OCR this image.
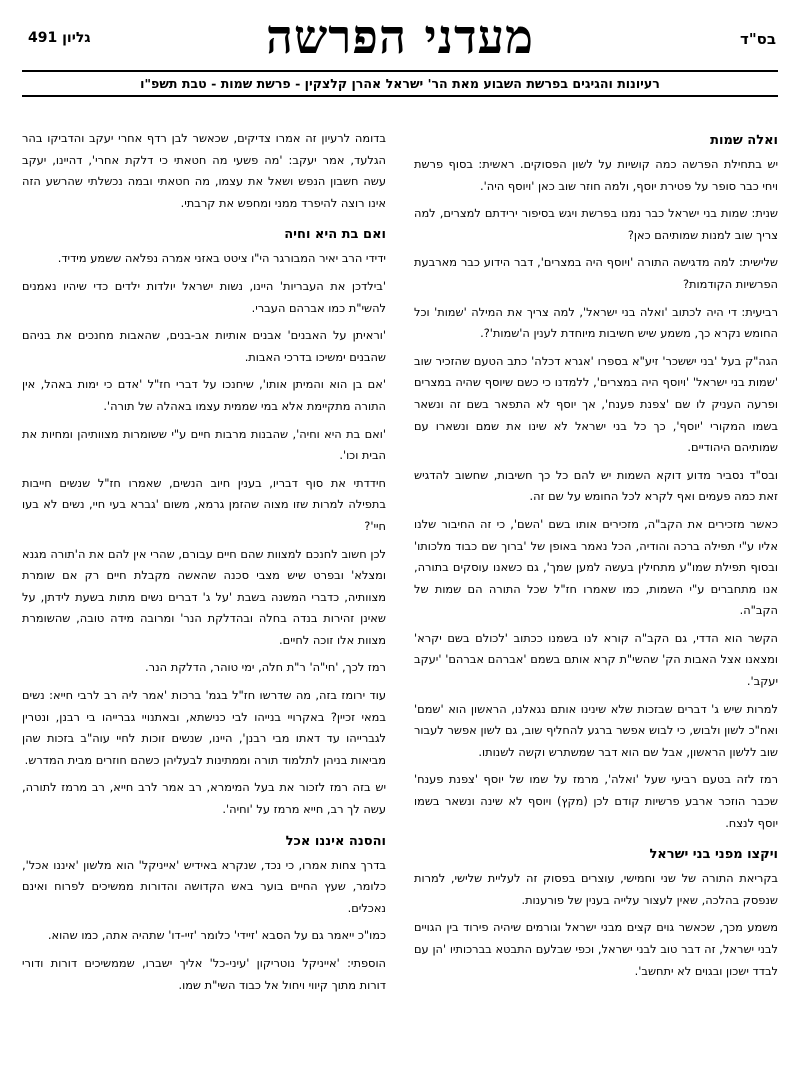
בס"ד
מעדני הפרשה
גליון 491
רעיונות והגיגים בפרשת השבוע מאת הר' ישראל אהרן קלצקין - פרשת שמות - טבת תשפ"ו
ואלה שמות

יש בתחילת הפרשה כמה קושיות על לשון הפסוקים. ראשית: בסוף פרשת ויחי כבר סופר על פטירת יוסף, ולמה חוזר שוב כאן 'ויוסף היה'.

שנית: שמות בני ישראל כבר נמנו בפרשת ויגש בסיפור ירידתם למצרים, למה צריך שוב למנות שמותיהם כאן?

שלישית: למה מדגישה התורה 'ויוסף היה במצרים', דבר הידוע כבר מארבעת הפרשיות הקודמות?

רביעית: די היה לכתוב 'ואלה בני ישראל', למה צריך את המילה 'שמות' וכל החומש נקרא כך, משמע שיש חשיבות מיוחדת לענין ה'שמות'?.

הגה"ק בעל 'בני יששכר' זיע"א בספרו 'אגרא דכלה' כתב הטעם שהזכיר שוב 'שמות בני ישראל' 'ויוסף היה במצרים', ללמדנו כי כשם שיוסף שהיה במצרים ופרעה העניק לו שם 'צפנת פענח', אך יוסף לא התפאר בשם זה ונשאר בשמו המקורי 'יוסף', כך כל בני ישראל לא שינו את שמם ונשארו עם שמותיהם היהודיים.

ובס"ד נסביר מדוע דוקא השמות יש להם כל כך חשיבות, שחשוב להדגיש זאת כמה פעמים ואף לקרא לכל החומש על שם זה.

כאשר מזכירים את הקב"ה, מזכירים אותו בשם 'השם', כי זה החיבור שלנו אליו ע"י תפילה ברכה והודיה, הכל נאמר באופן של 'ברוך שם כבוד מלכותו' ובסוף תפילת שמו"ע מתחילין בעשה למען שמך', גם כשאנו עוסקים בתורה, אנו מתחברים ע"י השמות, כמו שאמרו חז"ל שכל התורה הם שמות של הקב"ה.

הקשר הוא הדדי, גם הקב"ה קורא לנו בשמנו ככתוב 'לכולם בשם יקרא' ומצאנו אצל האבות הק' שהשי"ת קרא אותם בשמם 'אברהם אברהם' 'יעקב יעקב'.

למרות שיש ג' דברים שבזכות שלא שינינו אותם נגאלנו, הראשון הוא 'שמם' ואח"כ לשון ולבוש, כי לבוש אפשר ברגע להחליף שוב, גם לשון אפשר לעבור שוב ללשון הראשון, אבל שם הוא דבר שמשתרש וקשה לשנותו.

רמז לזה בטעם רביעי שעל 'ואלה', מרמז על שמו של יוסף 'צפנת פענח' שכבר הוזכר ארבע פרשיות קודם לכן (מקץ) ויוסף לא שינה ונשאר בשמו יוסף לנצח.

ויקצו מפני בני ישראל

בקריאת התורה של שני וחמישי, עוצרים בפסוק זה לעליית שלישי, למרות שנפסק בהלכה, שאין לעצור עלייה בענין של פורענות.

משמע מכך, שכאשר גוים קצים מבני ישראל וגורמים שיהיה פירוד בין הגויים לבני ישראל, זה דבר טוב לבני ישראל, וכפי שבלעם התבטא בברכותיו 'הן עם לבדד ישכון ובגוים לא יתחשב'.

בדומה לרעיון זה אמרו צדיקים, שכאשר לבן רדף אחרי יעקב והדביקו בהר הגלעד, אמר יעקב: 'מה פשעי מה חטאתי כי דלקת אחרי', דהיינו, יעקב עשה חשבון הנפש ושאל את עצמו, מה חטאתי ובמה נכשלתי שהרשע הזה אינו רוצה להיפרד ממני ומחפש את קרבתי.

ואם בת היא וחיה

ידידי הרב יאיר המבורגר הי"ו ציטט באזני אמרה נפלאה ששמע מידיד.

'בילדכן את העבריות' היינו, נשות ישראל יולדות ילדים כדי שיהיו נאמנים להשי"ת כמו אברהם העברי.

'וראיתן על האבנים' אבנים אותיות אב-בנים, שהאבות מחנכים את בניהם שהבנים ימשיכו בדרכי האבות.

'אם בן הוא והמיתן אותו', שיחנכו על דברי חז"ל 'אדם כי ימות באהל, אין התורה מתקיימת אלא במי שממית עצמו באהלה של תורה'.

'ואם בת היא וחיה', שהבנות מרבות חיים ע"י ששומרות מצוותיהן ומחיות את הבית וכו'.

חידדתי את סוף דבריו, בענין חיוב הנשים, שאמרו חז"ל שנשים חייבות בתפילה למרות שזו מצוה שהזמן גרמא, משום 'גברא בעי חיי, נשים לא בעו חיי'?

לכן חשוב לחנכם למצוות שהם חיים עבורם, שהרי אין להם את ה'תורה מגנא ומצלא' ובפרט שיש מצבי סכנה שהאשה מקבלת חיים רק אם שומרת מצוותיה, כדברי המשנה בשבת 'על ג' דברים נשים מתות בשעת לידתן, על שאינן זהירות בנדה בחלה ובהדלקת הנר' ומרובה מידה טובה, שהשומרת מצוות אלו זוכה לחיים.

רמז לכך, 'חי"ה' ר"ת חלה, ימי טוהר, הדלקת הנר.

עוד ירומז בזה, מה שדרשו חז"ל בגמ' ברכות 'אמר ליה רב לרבי חייא: נשים במאי זכיין? באקרויי בנייהו לבי כנישתא, ובאתנויי גברייהו בי רבנן, ונטרין לגברייהו עד דאתו מבי רבנן', היינו, שנשים זוכות לחיי עוה"ב בזכות שהן מביאות בניהן לתלמוד תורה וממתינות לבעליהן כשהם חוזרים מבית המדרש.

יש בזה רמז לזכור את בעל המימרא, רב אמר לרב חייא, רב מרמז לתורה, עשה לך רב, חייא מרמז על 'וחיה'.

והסנה איננו אכל

בדרך צחות אמרו, כי נכד, שנקרא באידיש 'אייניקל' הוא מלשון 'איננו אכל', כלומר, שעץ החיים בוער באש הקדושה והדורות ממשיכים לפרוח ואינם נאכלים.

כמו"כ ייאמר גם על הסבא 'זיידי' כלומר 'זיי-דו' שתהיה אתה, כמו שהוא.

הוספתי: 'אייניקל נוטריקון 'עיני-כל' אליך ישברו, שממשיכים דורות ודורי דורות מתוך קיווי ויחול אל כבוד השי"ת שמו.
